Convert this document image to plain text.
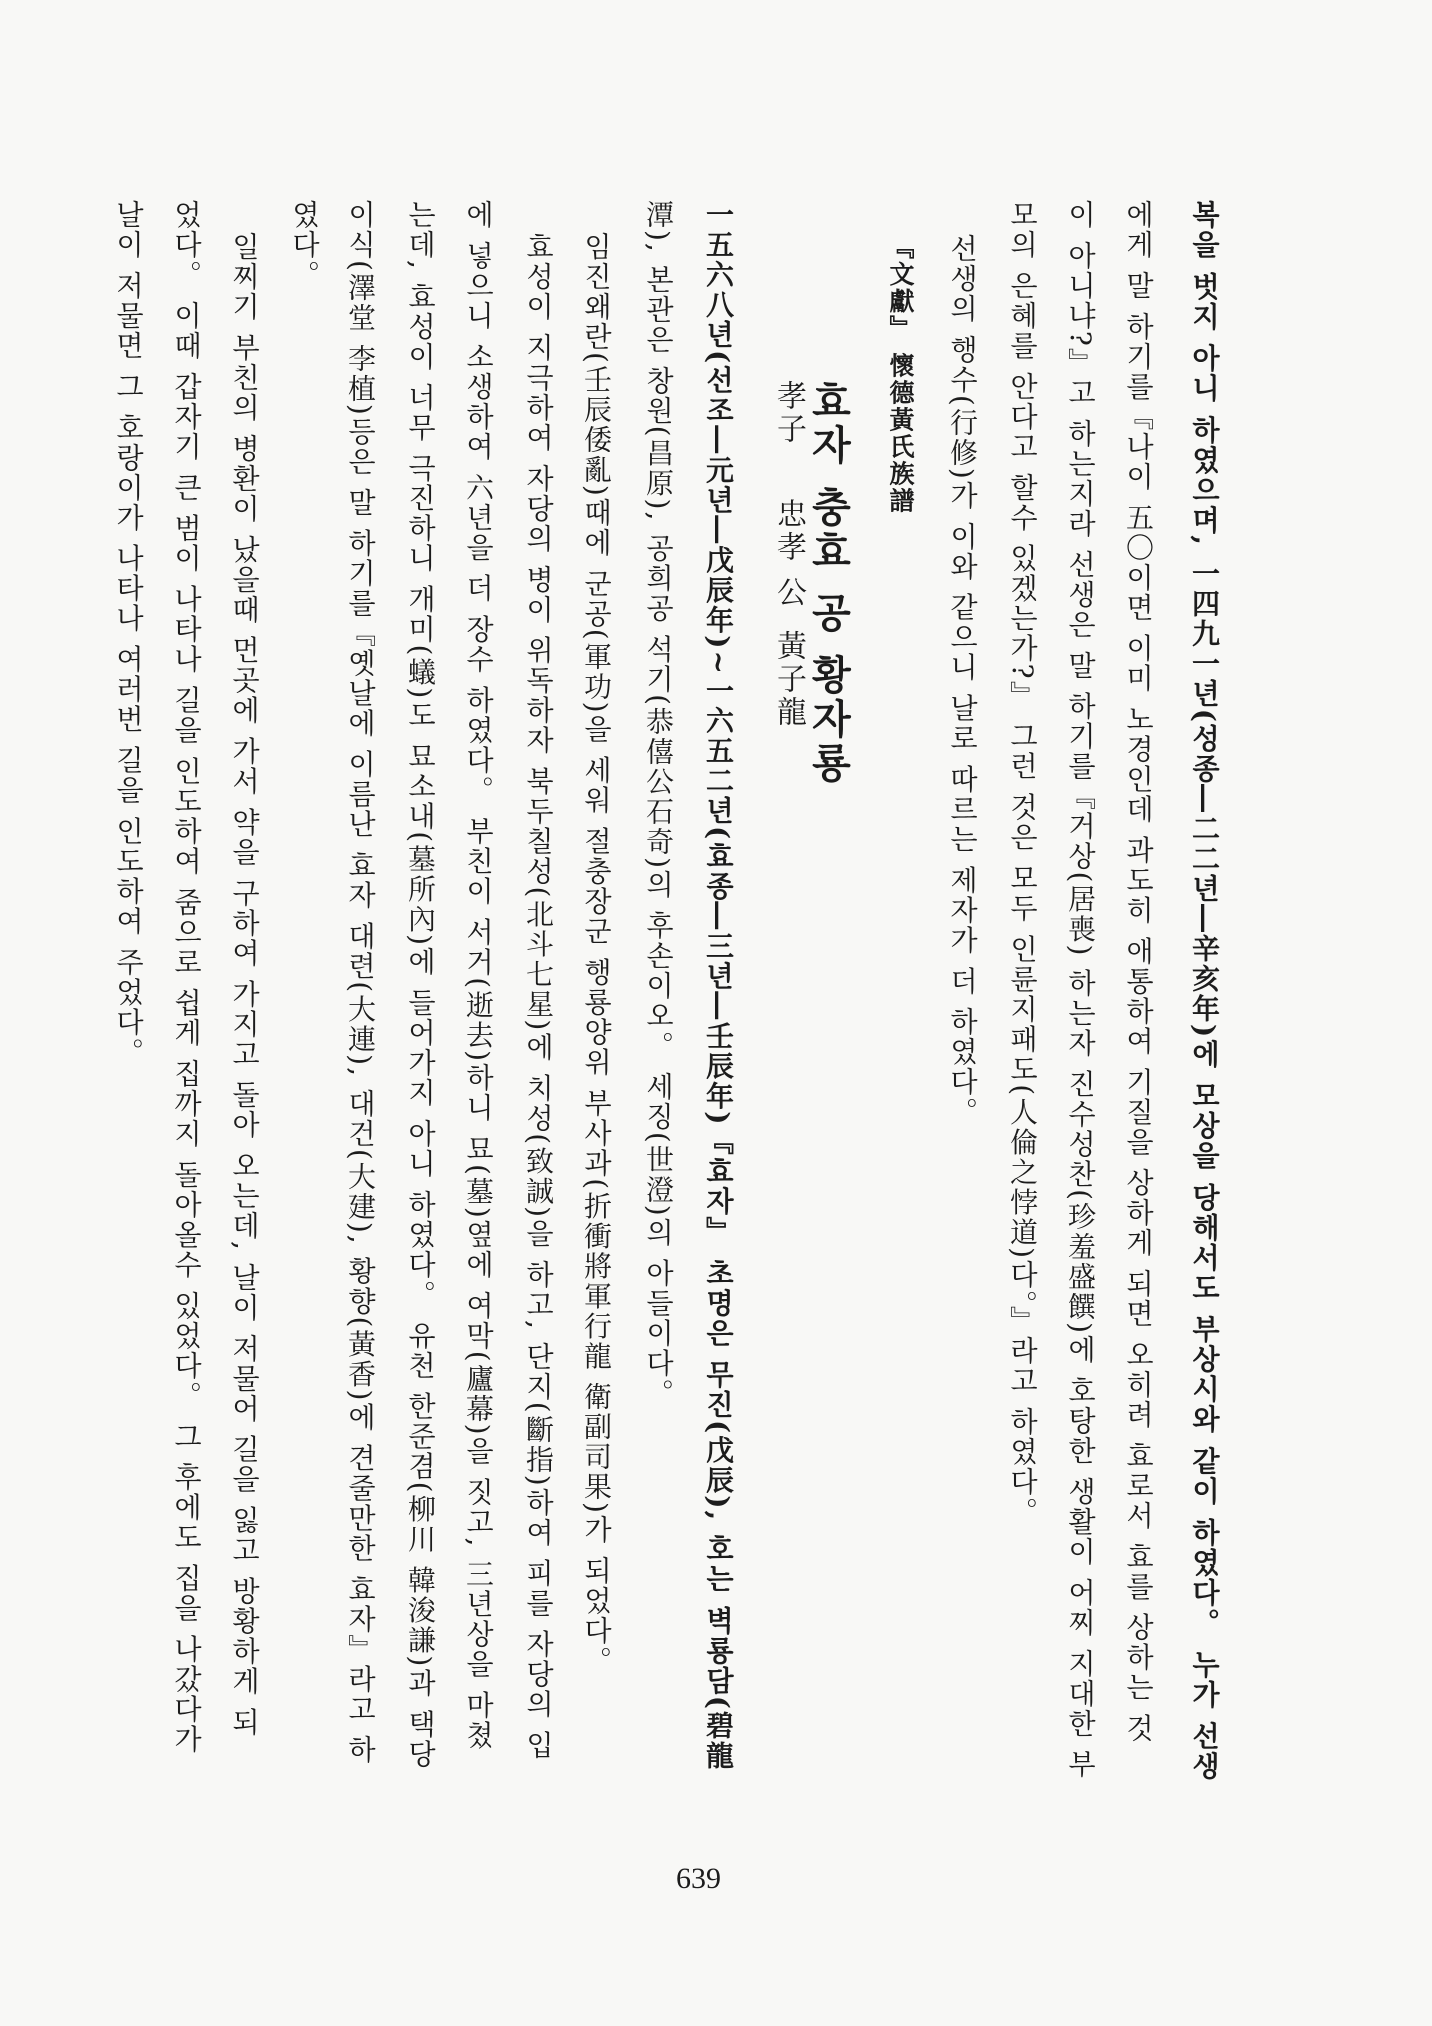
복을 벗지 아니 하였으며, 一四九一년(성종―二二년―辛亥年)에 모상을 당해서도 부상시와 같이 하였다。 누가 선생
에게 말 하기를『나이 五〇이면 이미 노경인데 과도히 애통하여 기질을 상하게 되면 오히려 효로서 효를 상하는 것
이 아니냐?』고 하는지라 선생은 말 하기를『거상(居喪) 하는자 진수성찬(珍羞盛饌)에 호탕한 생활이 어찌 지대한 부
모의 은혜를 안다고 할수 있겠는가?』 그런 것은 모두 인륜지패도(人倫之悖道)다。』라고 하였다。
선생의 행수(行修)가 이와 같으니 날로 따르는 제자가 더 하였다。
『文獻』 懷德黃氏族譜
효자 충효 공 황자룡
孝子
忠孝 公
黃子龍
一五六八년(선조―元년―戊辰年)~一六五二년(효종―三년―壬辰年)『효자』 초명은 무진(戊辰), 호는 벽룡담(碧龍
潭), 본관은 창원(昌原), 공희공 석기(恭僖公石奇)의 후손이오。 세징(世澄)의 아들이다。
임진왜란(壬辰倭亂)때에 군공(軍功)을 세워 절충장군 행룡양위 부사과(折衝將軍行龍 衛副司果)가 되었다。
효성이 지극하여 자당의 병이 위독하자 북두칠성(北斗七星)에 치성(致誠)을 하고, 단지(斷指)하여 피를 자당의 입
에 넣으니 소생하여 六년을 더 장수 하였다。 부친이 서거(逝去)하니 묘(墓)옆에 여막(廬幕)을 짓고, 三년상을 마쳤
는데, 효성이 너무 극진하니 개미(蟻)도 묘소내(墓所內)에 들어가지 아니 하였다。 유천 한준겸(柳川 韓浚謙)과 택당
이식(澤堂 李植)등은 말 하기를『옛날에 이름난 효자 대련(大連), 대건(大建), 황향(黃香)에 견줄만한 효자』라고 하
였다。
일찌기 부친의 병환이 났을때 먼곳에 가서 약을 구하여 가지고 돌아 오는데, 날이 저물어 길을 잃고 방황하게 되
었다。 이때 갑자기 큰 범이 나타나 길을 인도하여 줌으로 쉽게 집까지 돌아올수 있었다。 그 후에도 집을 나갔다가
날이 저물면 그 호랑이가 나타나 여러번 길을 인도하여 주었다。
639
